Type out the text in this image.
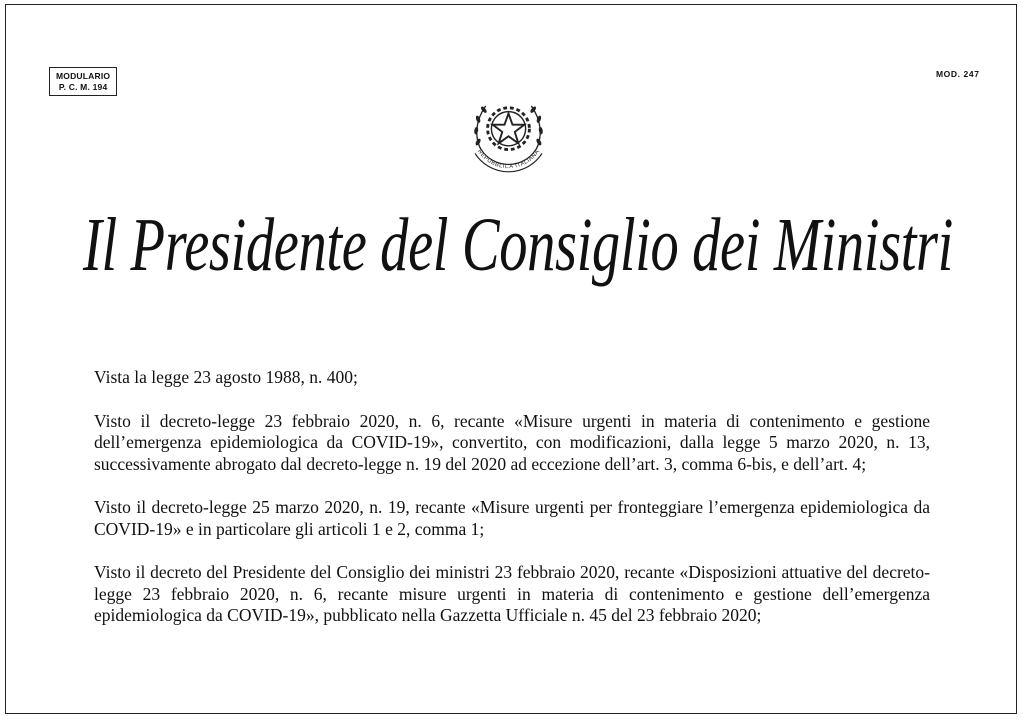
MODULARIO
P. C. M. 194
MOD. 247
REPUBBLICA ITALIANA
Il Presidente del Consiglio dei Ministri

Vista la legge 23 agosto 1988, n. 400;

Visto il decreto-legge 23 febbraio 2020, n. 6, recante «Misure urgenti in materia di contenimento e gestione dell’emergenza epidemiologica da COVID-19», convertito, con modificazioni, dalla legge 5 marzo 2020, n. 13, successivamente abrogato dal decreto-legge n. 19 del 2020 ad eccezione dell’art. 3, comma 6-bis, e dell’art. 4;

Visto il decreto-legge 25 marzo 2020, n. 19, recante «Misure urgenti per fronteggiare l’emergenza epidemiologica da COVID-19» e in particolare gli articoli 1 e 2, comma 1;

Visto il decreto del Presidente del Consiglio dei ministri 23 febbraio 2020, recante «Disposizioni attuative del decreto-legge 23 febbraio 2020, n. 6, recante misure urgenti in materia di contenimento e gestione dell’emergenza epidemiologica da COVID-19», pubblicato nella Gazzetta Ufficiale n. 45 del 23 febbraio 2020;
